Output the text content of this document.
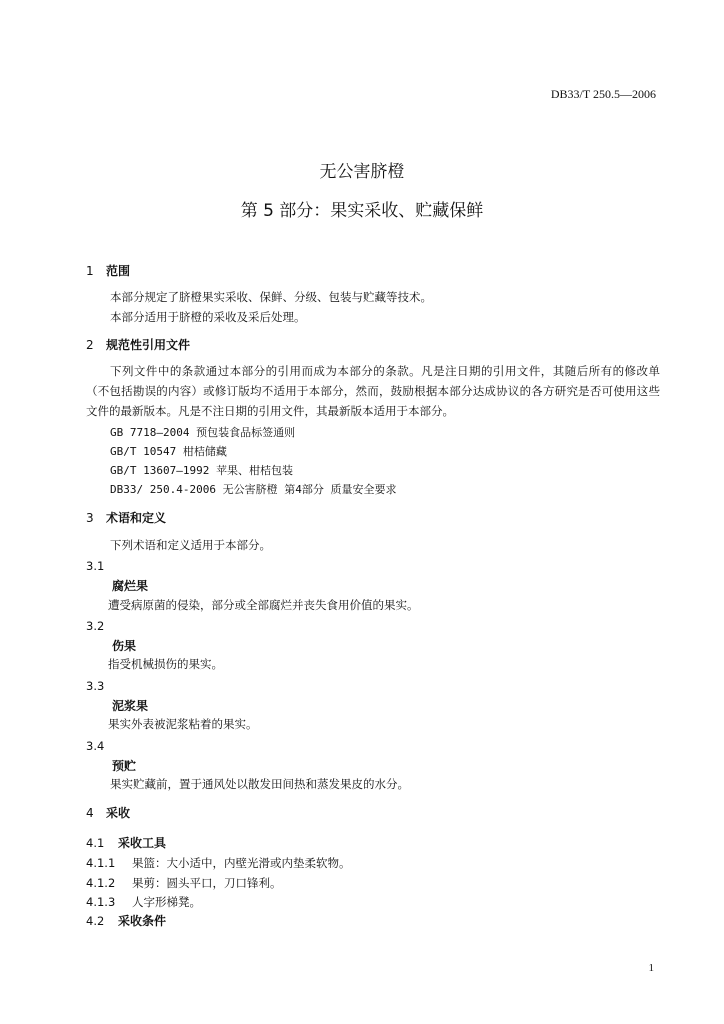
DB33/T 250.5—2006
无公害脐橙
第 5 部分：果实采收、贮藏保鲜
1 范围
本部分规定了脐橙果实采收、保鲜、分级、包装与贮藏等技术。
本部分适用于脐橙的采收及采后处理。
2 规范性引用文件
下列文件中的条款通过本部分的引用而成为本部分的条款。凡是注日期的引用文件，其随后所有的修改单（不包括勘误的内容）或修订版均不适用于本部分，然而，鼓励根据本部分达成协议的各方研究是否可使用这些文件的最新版本。凡是不注日期的引用文件，其最新版本适用于本部分。
GB 7718—2004 预包装食品标签通则
GB/T 10547 柑桔储藏
GB/T 13607—1992 苹果、柑桔包装
DB33/ 250.4-2006 无公害脐橙 第4部分 质量安全要求
3 术语和定义
下列术语和定义适用于本部分。
3.1
腐烂果
遭受病原菌的侵染，部分或全部腐烂并丧失食用价值的果实。
3.2
伤果
指受机械损伤的果实。
3.3
泥浆果
果实外表被泥浆粘着的果实。
3.4
预贮
果实贮藏前，置于通风处以散发田间热和蒸发果皮的水分。
4 采收
4.1 采收工具
4.1.1 果篮：大小适中，内壁光滑或内垫柔软物。
4.1.2 果剪：圆头平口，刀口锋利。
4.1.3 人字形梯凳。
4.2 采收条件
1
